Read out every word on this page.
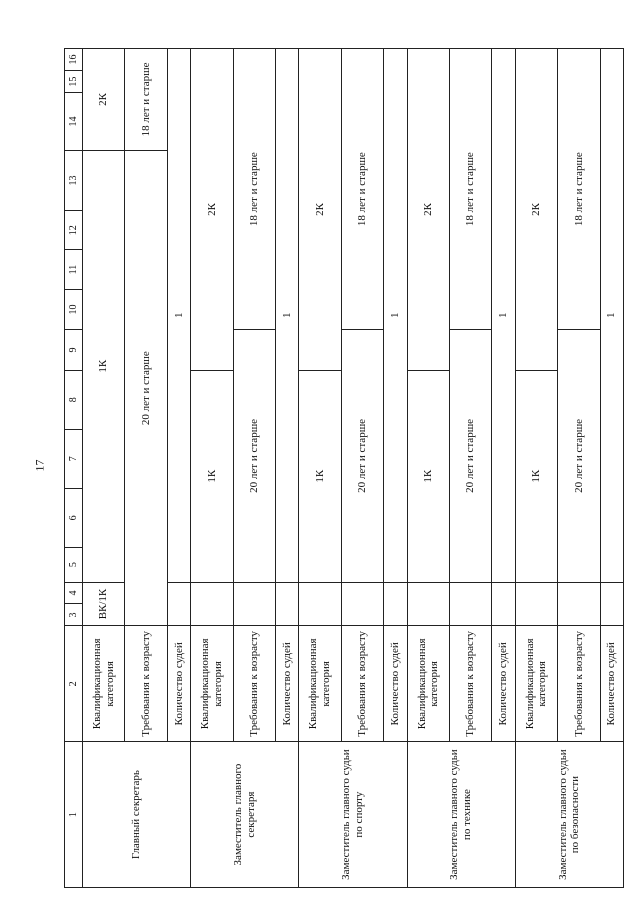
17
1	2	3	4	5	6	7	8	9	10	11	12	13	14	15	16
Главный секретарь	Квалификационная категория	ВК/1К		1К									2К		
	Требования к возрасту	20 лет и старше											18 лет и старше		
	Количество судей			1											
Заместитель главного секретаря	Квалификационная категория			1К				2К							
	Требования к возрасту			20 лет и старше					18 лет и старше						
	Количество судей			1											
Заместитель главного судьи по спорту	Квалификационная категория			1К				2К							
	Требования к возрасту			20 лет и старше					18 лет и старше						
	Количество судей			1											
Заместитель главного судьи по технике	Квалификационная категория			1К				2К							
	Требования к возрасту			20 лет и старше					18 лет и старше						
	Количество судей			1											
Заместитель главного судьи по безопасности	Квалификационная категория			1К				2К							
	Требования к возрасту			20 лет и старше					18 лет и старше						
	Количество судей			1											
